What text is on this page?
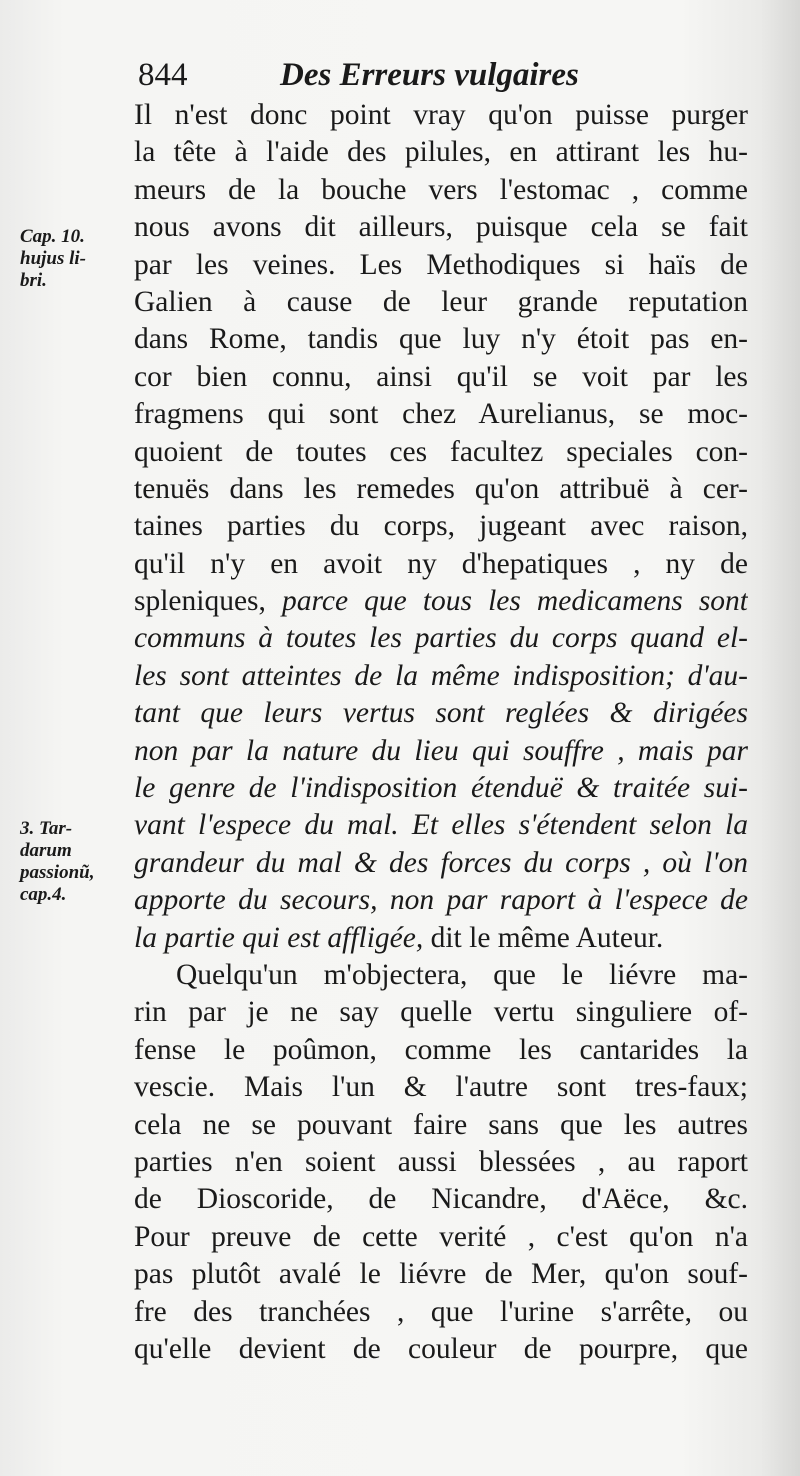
844	Des Erreurs vulgaires
Cap. 10.
hujus li-
bri.
3. Tar-
darum
passionũ,
cap.4.
Il n'est donc point vray qu'on puisse purger
la tête à l'aide des pilules, en attirant les hu-
meurs de la bouche vers l'estomac , comme
nous avons dit ailleurs, puisque cela se fait
par les veines. Les Methodiques si haïs de
Galien à cause de leur grande reputation
dans Rome, tandis que luy n'y étoit pas en-
cor bien connu, ainsi qu'il se voit par les
fragmens qui sont chez Aurelianus, se moc-
quoient de toutes ces facultez speciales con-
tenuës dans les remedes qu'on attribuë à cer-
taines parties du corps, jugeant avec raison,
qu'il n'y en avoit ny d'hepatiques , ny de
spleniques, parce que tous les medicamens sont
communs à toutes les parties du corps quand el-
les sont atteintes de la même indisposition; d'au-
tant que leurs vertus sont reglées & dirigées
non par la nature du lieu qui souffre , mais par
le genre de l'indisposition étenduë & traitée sui-
vant l'espece du mal. Et elles s'étendent selon la
grandeur du mal & des forces du corps , où l'on
apporte du secours, non par raport à l'espece de
la partie qui est affligée, dit le même Auteur.
Quelqu'un m'objectera, que le liévre ma-
rin par je ne say quelle vertu singuliere of-
fense le poûmon, comme les cantarides la
vescie. Mais l'un & l'autre sont tres-faux;
cela ne se pouvant faire sans que les autres
parties n'en soient aussi blessées , au raport
de Dioscoride, de Nicandre, d'Aëce, &c.
Pour preuve de cette verité , c'est qu'on n'a
pas plutôt avalé le liévre de Mer, qu'on souf-
fre des tranchées , que l'urine s'arrête, ou
qu'elle devient de couleur de pourpre, que
